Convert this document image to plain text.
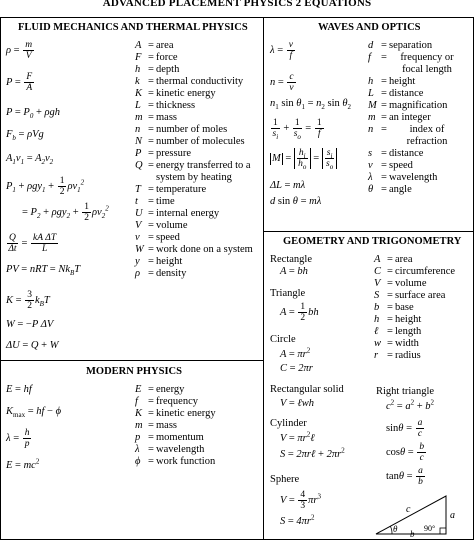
ADVANCED PLACEMENT PHYSICS 2 EQUATIONS
FLUID MECHANICS AND THERMAL PHYSICS
MODERN PHYSICS
WAVES AND OPTICS
GEOMETRY AND TRIGONOMETRY
$\rho = \frac{m}{V}$
$P = \frac{F}{A}$
$P = P_0 + \rho gh$
$F_b = \rho Vg$
$A_1v_1 = A_2v_2$
$P_1 + \rho gy_1 + \frac{1}{2} \rho v_1^2$
= $P_2 + \rho gy_2 + \frac{1}{2} \rho v_2^2$
$\frac{Q}{\Delta t} = \frac{\text{kA ΔT}}{L}$
PV = nRT = $Nk_BT$
$K = \frac{3}{2} k_BT$
W = −P ΔV
ΔU = Q + W
A = area
F = force
h = depth
k = thermal conductivity
K = kinetic energy
L = thickness
m = mass
n = number of moles
N = number of molecules
P = pressure
Q = energy transferred to a system by heating
T = temperature
t = time
U = internal energy
V = volume
v = speed
W = work done on a system
y = height
ρ = density
E = hf
$K_{max}$ = hf − ϕ
$\lambda = \frac{h}{p}$
$E = mc^2$
E = energy
f = frequency
K = kinetic energy
m = mass
p = momentum
λ = wavelength
ϕ = work function
$\lambda = \frac{v}{f}$
$n = \frac{c}{v}$
$n_1$ $\sin \theta_1 = n_2$ $\sin \theta_2$
$\frac{1}{s_i} + \frac{1}{s_o} = \frac{1}{f}$
$M = \frac{h_i}{h_o} = \frac{s_i}{s_o}$
ΔL = mλ
d sin θ = mλ
d = separation
f = frequency or focal length
h = height
L = distance
M = magnification
m = an integer
n = index of refraction
s = distance
v = speed
λ = wavelength
θ = angle
Rectangle
A = bh
Triangle
$A = \frac{1}{2}$ bh
Circle
$A = \pi r^2$
C = 2πr
Rectangular solid
V = ℓwh
Cylinder
$V = \pi r^2\ell$
S = 2πrℓ + $2\pi r^2$
Sphere
$V = \frac{4}{3} \pi r^3$
$S = 4\pi r^2$
A = area
C = circumference
V = volume
S = surface area
b = base
h = height
ℓ = length
w = width
r = radius
Right triangle
$c^2 = a^2 + b^2$
$\sin\theta = \frac{a}{c}$
$\cos\theta = \frac{b}{c}$
$\tan\theta = \frac{a}{b}$
c
a
b
θ	90°
